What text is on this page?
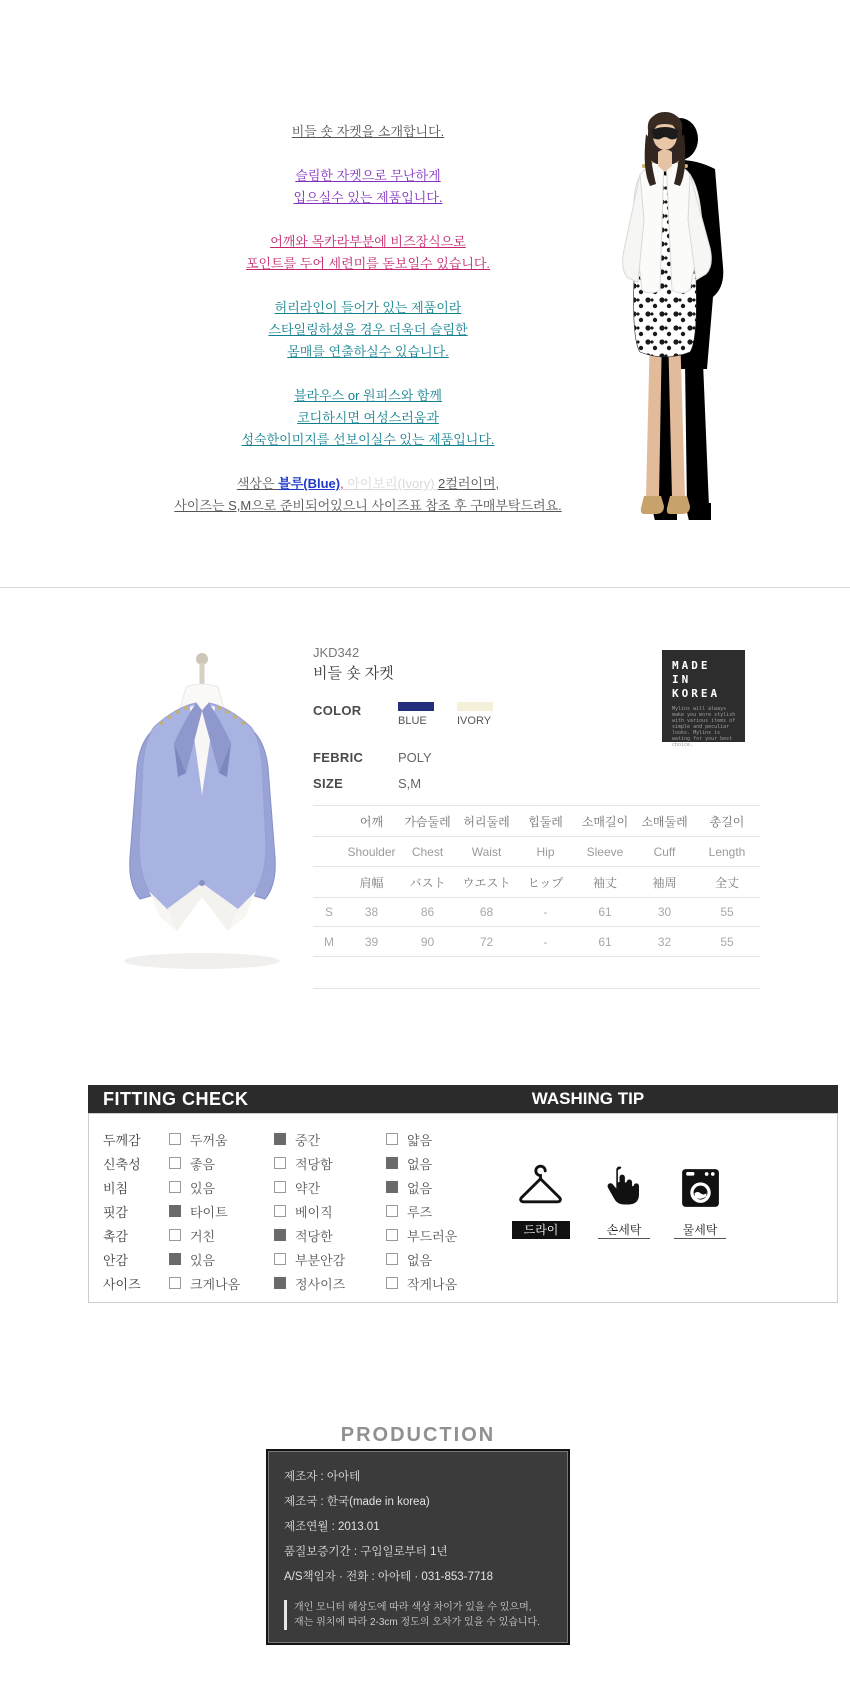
비들 숏 자켓을 소개합니다.

슬림한 자켓으로 무난하게

입으실수 있는 제품입니다.

어깨와 목카라부분에 비즈장식으로

포인트를 두어 세련미를 돋보일수 있습니다.

허리라인이 들어가 있는 제품이라

스타일링하셨을 경우 더욱더 슬림한

몸매를 연출하실수 있습니다.

블라우스 or 원피스와 함께

코디하시면 여성스러움과

성숙한이미지를 선보이실수 있는 제품입니다.

색상은 블루(Blue), 아이보리(Ivory) 2컬러이며,

사이즈는 S,M으로 준비되어있으니 사이즈표 참조 후 구매부탁드려요.

JKD342
비들 숏 자켓
COLOR
BLUE	IVORY
FEBRIC	POLY
SIZE	S,M
MADE
IN
KOREA
Mylins will always make you more stylish with various items of simple and peculiar looks. Mylins is wating for your best choice.
	어깨	가슴둘레	허리둘레	힙둘레	소매길이	소매둘레	총길이
	Shoulder	Chest	Waist	Hip	Sleeve	Cuff	Length
	肩幅	バスト	ウエスト	ヒップ	袖丈	袖周	全丈
S	38	86	68	-	61	30	55
M	39	90	72	-	61	32	55

FITTING CHECK	WASHING TIP
두께감	두꺼움	중간	얇음
신축성	좋음	적당함	없음
비침	있음	약간	없음
핏감	타이트	베이직	루즈
촉감	거친	적당한	부드러운
안감	있음	부분안감	없음
사이즈	크게나옴	정사이즈	작게나옴
드라이	손세탁	물세탁
PRODUCTION

제조자 : 아아테

제조국 : 한국(made in korea)

제조연월 : 2013.01

품질보증기간 : 구입일로부터 1년

A/S책임자 · 전화 : 아아테 · 031-853-7718

개인 모니터 해상도에 따라 색상 차이가 있을 수 있으며,

재는 위치에 따라 2-3cm 정도의 오차가 있을 수 있습니다.
